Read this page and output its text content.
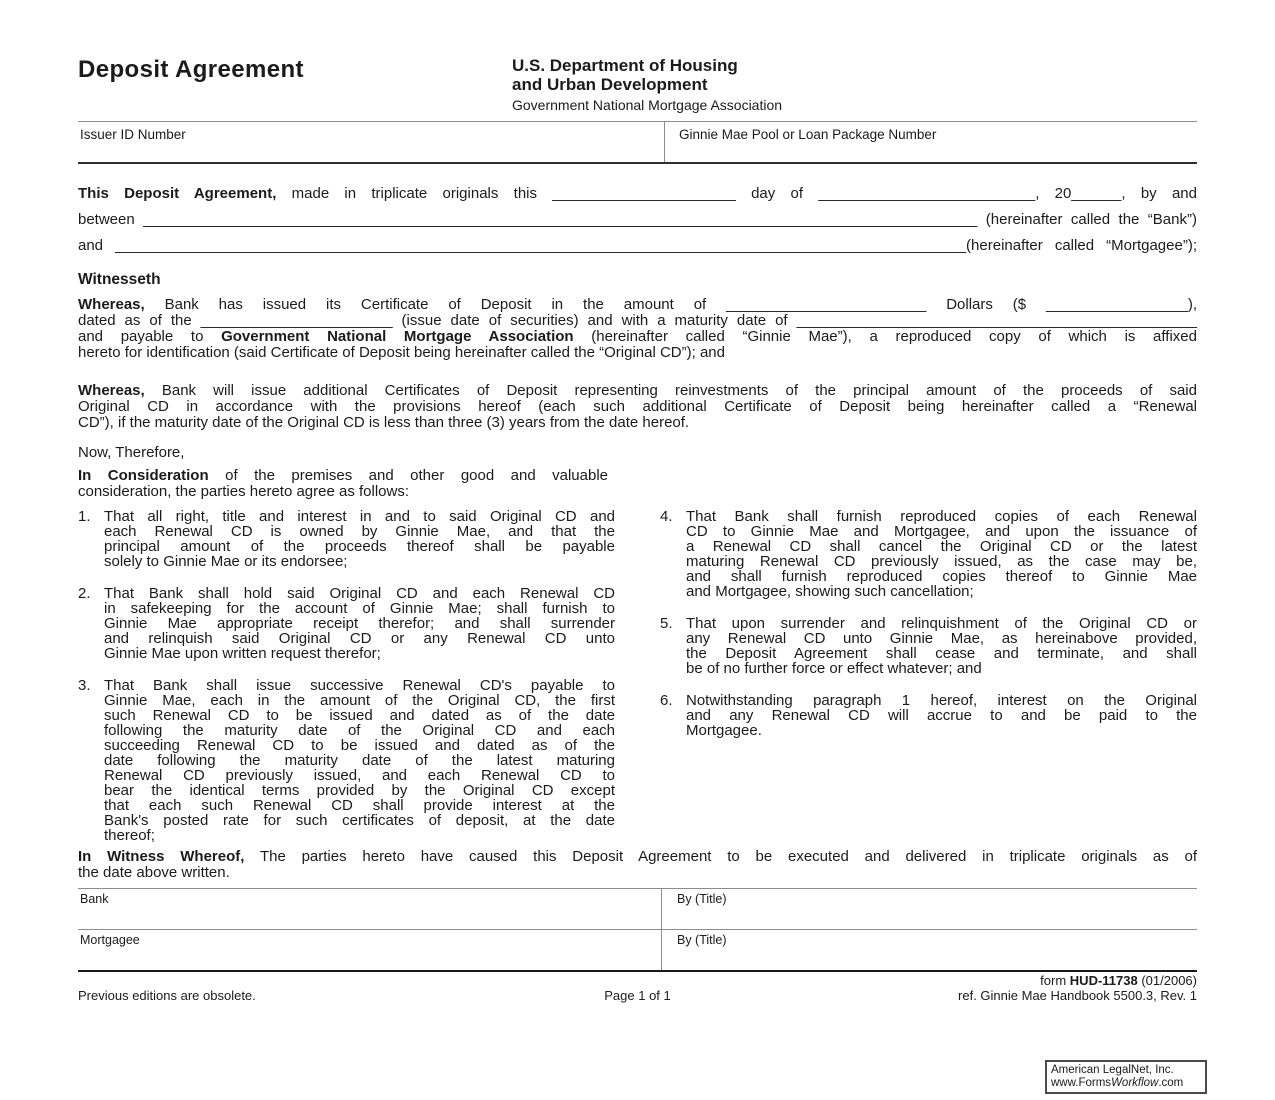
Deposit Agreement	U.S. Department of Housing
and Urban Development
Government National Mortgage Association
Issuer ID Number	Ginnie Mae Pool or Loan Package Number
This Deposit Agreement, made in triplicate originals this ______________________ day of __________________________, 20______, by and
between ____________________________________________________________________________________________________ (hereinafter called the “Bank”)
and ______________________________________________________________________________________________________(hereinafter called “Mortgagee”);
Witnesseth
Whereas, Bank has issued its Certificate of Deposit in the amount of ________________________ Dollars ($ _________________),
dated as of the _______________________ (issue date of securities) and with a maturity date of ________________________________________________
and payable to Government National Mortgage Association (hereinafter called “Ginnie Mae”), a reproduced copy of which is affixed
hereto for identification (said Certificate of Deposit being hereinafter called the “Original CD”); and
Whereas, Bank will issue additional Certificates of Deposit representing reinvestments of the principal amount of the proceeds of said
Original CD in accordance with the provisions hereof (each such additional Certificate of Deposit being hereinafter called a “Renewal
CD”), if the maturity date of the Original CD is less than three (3) years from the date hereof.
Now, Therefore,
In Consideration of the premises and other good and valuable
consideration, the parties hereto agree as follows:
1. That all right, title and interest in and to said Original CD and
each Renewal CD is owned by Ginnie Mae, and that the
principal amount of the proceeds thereof shall be payable
solely to Ginnie Mae or its endorsee;
2. That Bank shall hold said Original CD and each Renewal CD
in safekeeping for the account of Ginnie Mae; shall furnish to
Ginnie Mae appropriate receipt therefor; and shall surrender
and relinquish said Original CD or any Renewal CD unto
Ginnie Mae upon written request therefor;
3. That Bank shall issue successive Renewal CD's payable to
Ginnie Mae, each in the amount of the Original CD, the first
such Renewal CD to be issued and dated as of the date
following the maturity date of the Original CD and each
succeeding Renewal CD to be issued and dated as of the
date following the maturity date of the latest maturing
Renewal CD previously issued, and each Renewal CD to
bear the identical terms provided by the Original CD except
that each such Renewal CD shall provide interest at the
Bank's posted rate for such certificates of deposit, at the date
thereof;
4. That Bank shall furnish reproduced copies of each Renewal
CD to Ginnie Mae and Mortgagee, and upon the issuance of
a Renewal CD shall cancel the Original CD or the latest
maturing Renewal CD previously issued, as the case may be,
and shall furnish reproduced copies thereof to Ginnie Mae
and Mortgagee, showing such cancellation;
5. That upon surrender and relinquishment of the Original CD or
any Renewal CD unto Ginnie Mae, as hereinabove provided,
the Deposit Agreement shall cease and terminate, and shall
be of no further force or effect whatever; and
6. Notwithstanding paragraph 1 hereof, interest on the Original
and any Renewal CD will accrue to and be paid to the
Mortgagee.
In Witness Whereof, The parties hereto have caused this Deposit Agreement to be executed and delivered in triplicate originals as of
the date above written.
Bank	By (Title)
Mortgagee	By (Title)
Previous editions are obsolete.	Page 1 of 1
form HUD-11738 (01/2006)
ref. Ginnie Mae Handbook 5500.3, Rev. 1
American LegalNet, Inc.
www.FormsWorkflow.com
